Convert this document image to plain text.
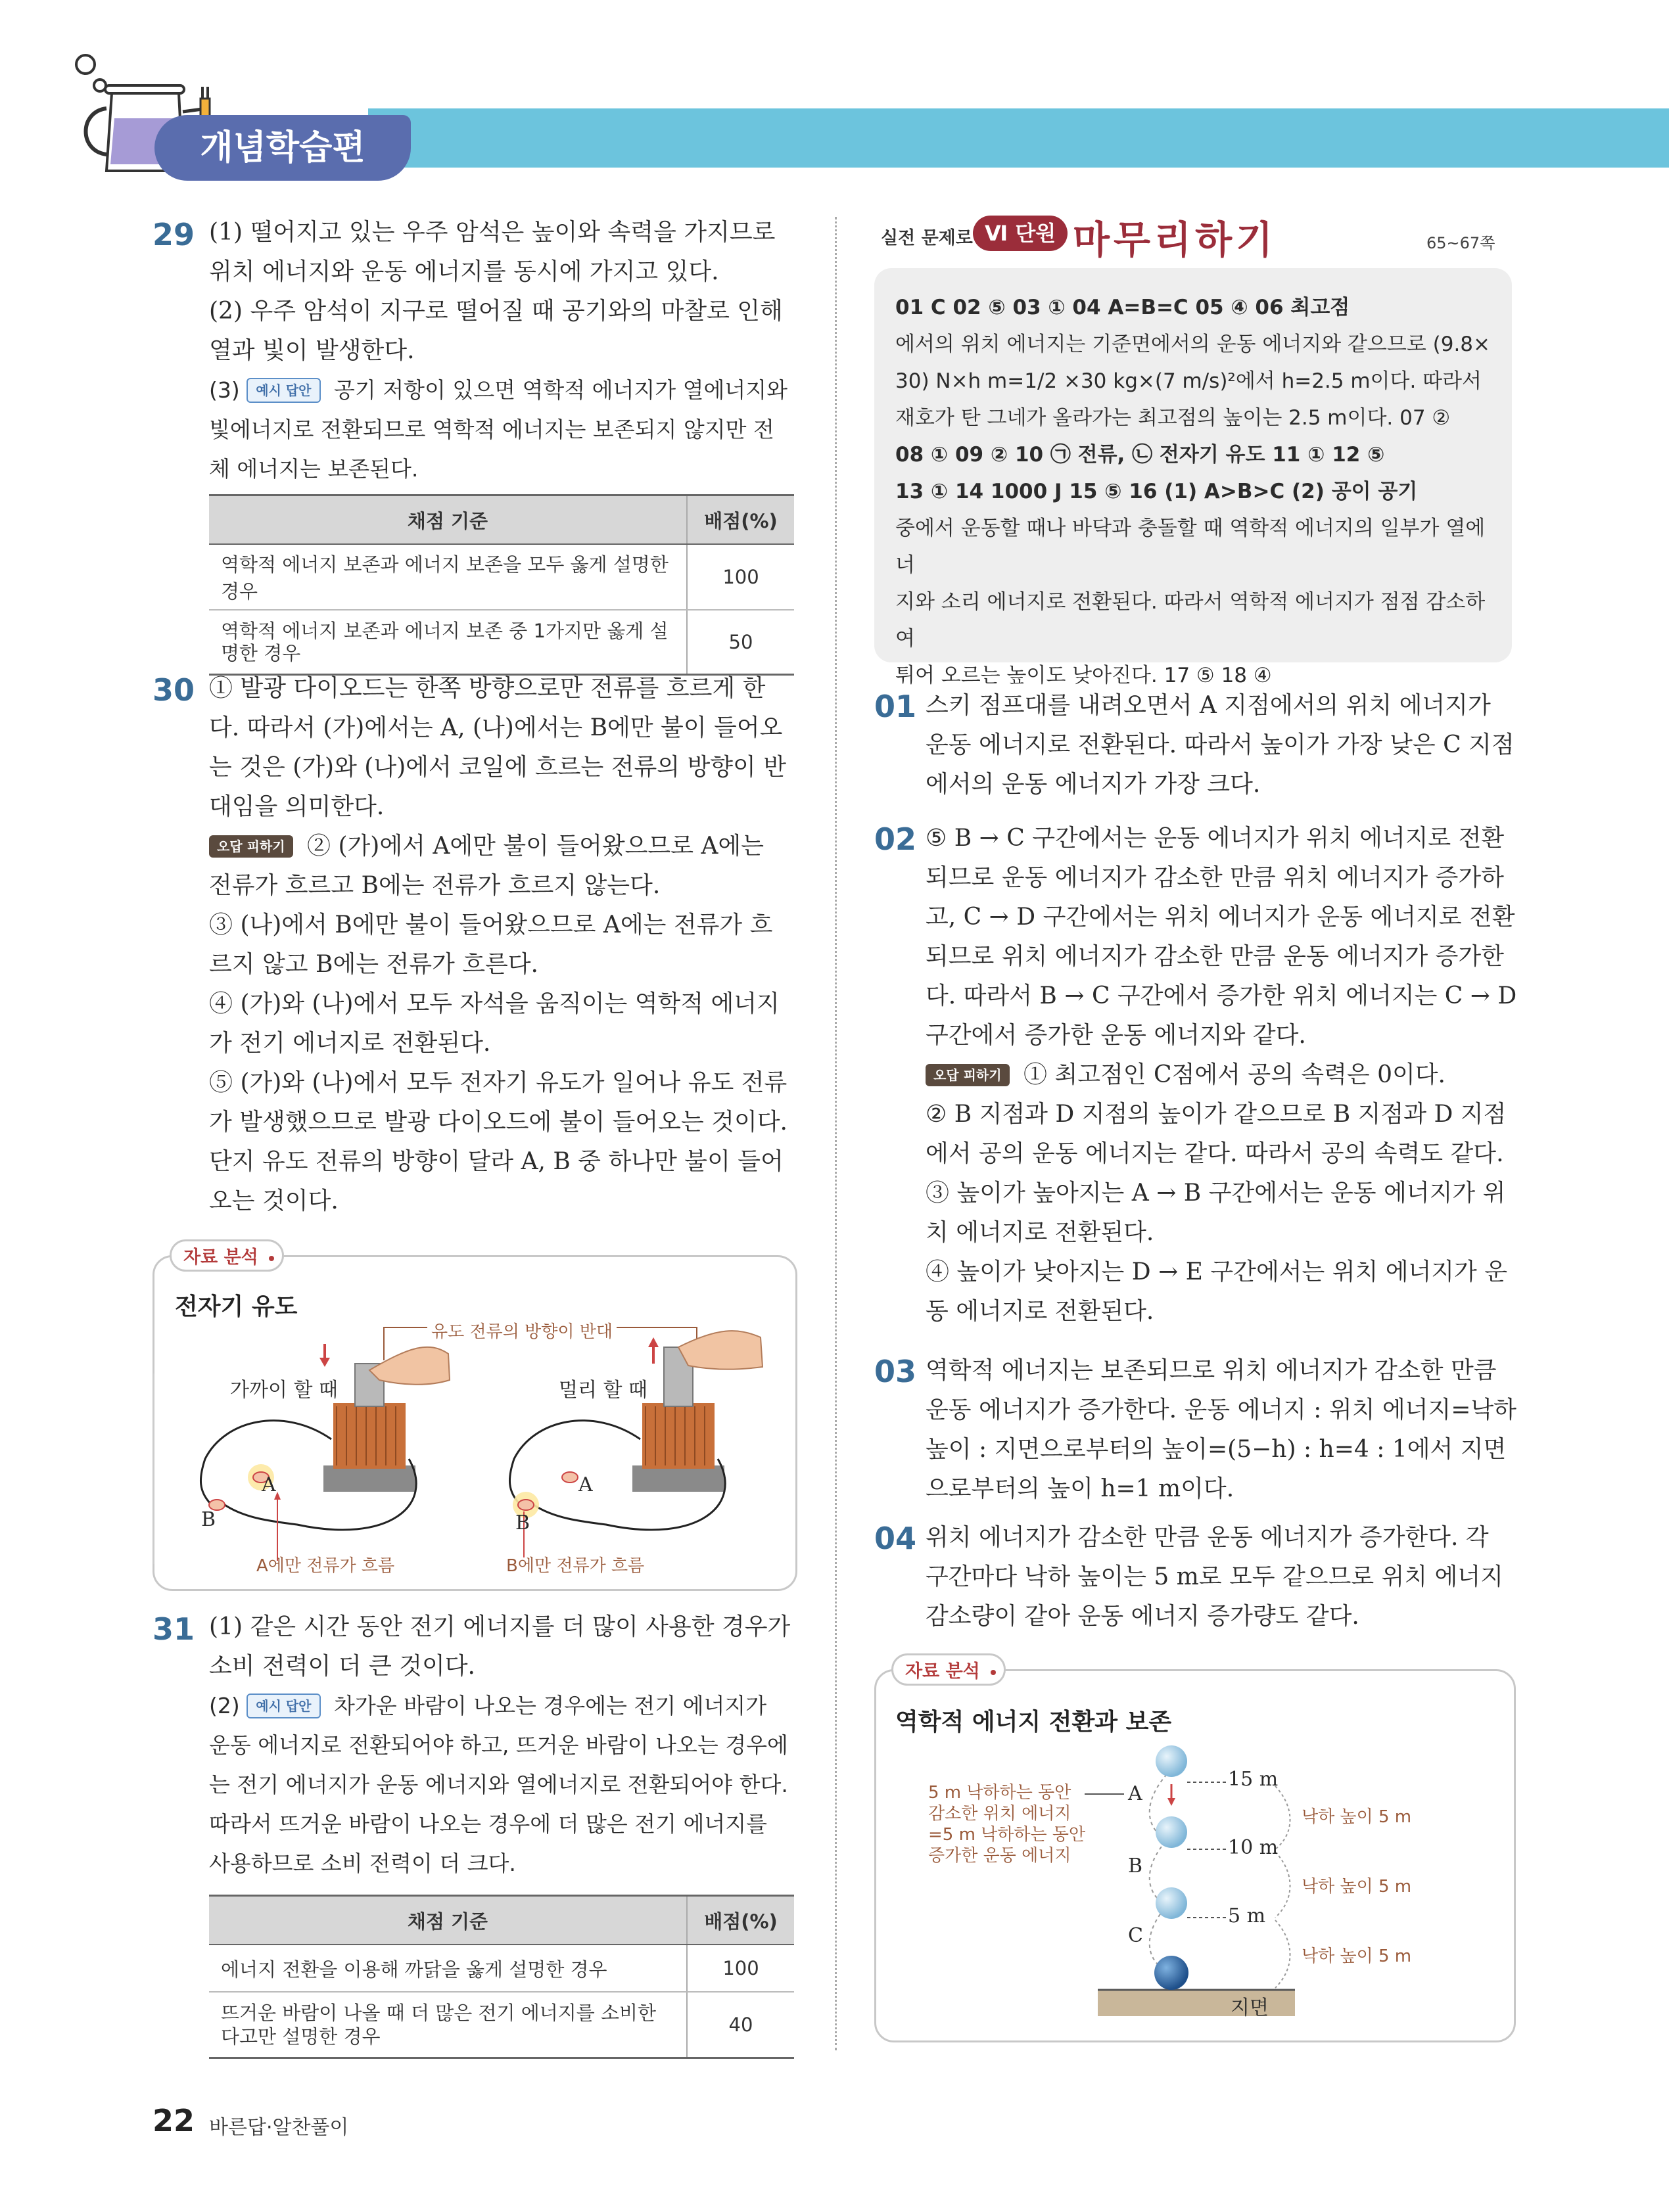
개념학습편
29 (1) 떨어지고 있는 우주 암석은 높이와 속력을 가지므로 위치 에너지와 운동 에너지를 동시에 가지고 있다.

(2) 우주 암석이 지구로 떨어질 때 공기와의 마찰로 인해 열과 빛이 발생한다.

(3) 예시 답안 공기 저항이 있으면 역학적 에너지가 열에너지와 빛에너지로 전환되므로 역학적 에너지는 보존되지 않지만 전체 에너지는 보존된다.

채점 기준	배점(%)
역학적 에너지 보존과 에너지 보존을 모두 옳게 설명한 경우	100
역학적 에너지 보존과 에너지 보존 중 1가지만 옳게 설명한 경우	50
30 ① 발광 다이오드는 한쪽 방향으로만 전류를 흐르게 한다. 따라서 (가)에서는 A, (나)에서는 B에만 불이 들어오는 것은 (가)와 (나)에서 코일에 흐르는 전류의 방향이 반대임을 의미한다.

오답 피하기 ② (가)에서 A에만 불이 들어왔으므로 A에는 전류가 흐르고 B에는 전류가 흐르지 않는다.

③ (나)에서 B에만 불이 들어왔으므로 A에는 전류가 흐르지 않고 B에는 전류가 흐른다.

④ (가)와 (나)에서 모두 자석을 움직이는 역학적 에너지가 전기 에너지로 전환된다.

⑤ (가)와 (나)에서 모두 전자기 유도가 일어나 유도 전류가 발생했으므로 발광 다이오드에 불이 들어오는 것이다. 단지 유도 전류의 방향이 달라 A, B 중 하나만 불이 들어오는 것이다.

자료 분석
전자기 유도
유도 전류의 방향이 반대
가까이 할 때	멀리 할 때
A
B
A
B
A에만 전류가 흐름	B에만 전류가 흐름
31 (1) 같은 시간 동안 전기 에너지를 더 많이 사용한 경우가 소비 전력이 더 큰 것이다.

(2) 예시 답안 차가운 바람이 나오는 경우에는 전기 에너지가 운동 에너지로 전환되어야 하고, 뜨거운 바람이 나오는 경우에는 전기 에너지가 운동 에너지와 열에너지로 전환되어야 한다. 따라서 뜨거운 바람이 나오는 경우에 더 많은 전기 에너지를 사용하므로 소비 전력이 더 크다.

채점 기준	배점(%)
에너지 전환을 이용해 까닭을 옳게 설명한 경우	100
뜨거운 바람이 나올 때 더 많은 전기 에너지를 소비한다고만 설명한 경우	40
실전 문제로 Ⅵ 단원 마무리하기	65~67쪽
01 C 02 ⑤ 03 ① 04 A=B=C 05 ④ 06 최고점
에서의 위치 에너지는 기준면에서의 운동 에너지와 같으므로 (9.8×
30) N×h m=1/2 ×30 kg×(7 m/s)²에서 h=2.5 m이다. 따라서
재호가 탄 그네가 올라가는 최고점의 높이는 2.5 m이다. 07 ②
08 ① 09 ② 10 ㉠ 전류, ㉡ 전자기 유도 11 ① 12 ⑤
13 ① 14 1000 J 15 ⑤ 16 (1) A>B>C (2) 공이 공기
중에서 운동할 때나 바닥과 충돌할 때 역학적 에너지의 일부가 열에너
지와 소리 에너지로 전환된다. 따라서 역학적 에너지가 점점 감소하여
튀어 오르는 높이도 낮아진다. 17 ⑤ 18 ④
01 스키 점프대를 내려오면서 A 지점에서의 위치 에너지가 운동 에너지로 전환된다. 따라서 높이가 가장 낮은 C 지점에서의 운동 에너지가 가장 크다.
02 ⑤ B → C 구간에서는 운동 에너지가 위치 에너지로 전환되므로 운동 에너지가 감소한 만큼 위치 에너지가 증가하고, C → D 구간에서는 위치 에너지가 운동 에너지로 전환되므로 위치 에너지가 감소한 만큼 운동 에너지가 증가한다. 따라서 B → C 구간에서 증가한 위치 에너지는 C → D 구간에서 증가한 운동 에너지와 같다.

오답 피하기 ① 최고점인 C점에서 공의 속력은 0이다.

② B 지점과 D 지점의 높이가 같으므로 B 지점과 D 지점에서 공의 운동 에너지는 같다. 따라서 공의 속력도 같다.

③ 높이가 높아지는 A → B 구간에서는 운동 에너지가 위치 에너지로 전환된다.

④ 높이가 낮아지는 D → E 구간에서는 위치 에너지가 운동 에너지로 전환된다.

03 역학적 에너지는 보존되므로 위치 에너지가 감소한 만큼 운동 에너지가 증가한다. 운동 에너지 : 위치 에너지=낙하 높이 : 지면으로부터의 높이=(5−h) : h=4 : 1에서 지면으로부터의 높이 h=1 m이다.
04 위치 에너지가 감소한 만큼 운동 에너지가 증가한다. 각 구간마다 낙하 높이는 5 m로 모두 같으므로 위치 에너지 감소량이 같아 운동 에너지 증가량도 같다.
자료 분석
역학적 에너지 전환과 보존
5 m 낙하하는 동안
감소한 위치 에너지
=5 m 낙하하는 동안
증가한 운동 에너지
15 m
10 m
5 m
A
B
C
낙하 높이 5 m
낙하 높이 5 m
낙하 높이 5 m
지면
22 바른답·알찬풀이
